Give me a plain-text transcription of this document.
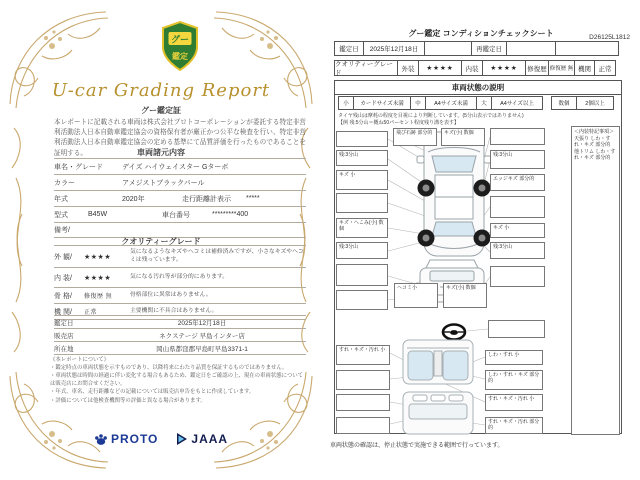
グー
鑑定
U-car Grading Report
グー鑑定証
本レポートに記載される車両は株式会社プロトコーポレーションが委託する特定非営利活動法人日本自動車鑑定協会の資格保有者が厳正かつ公平な検査を行い、特定非営利活動法人日本自動車鑑定協会の定める基準にて品質評価を行ったものであることを証明する。	車両諸元内容
車名・グレード	デイズ ハイウェイスター Gターボ
カラー	アメジストブラックパール
年式	2020年	走行距離計表示	*****
型式	B45W	車台番号	*********400
備考/
クオリティーグレード
外 観/	★★★★
気になるようなキズやヘコミは補修済みですが、小さなキズやヘコミは残っています。
内 装/	★★★★	気になる汚れ等が部分的にあります。
骨 格/	修復歴 無	骨格部位に異常はありません。
機 関/	正常	主要機関に不具合はありません。
鑑定日	2025年12月18日
販売店	ネクステージ 早島インター店
所在地	岡山県都窪郡早島町早島3371-1
《本レポートについて》
・鑑定時点の車両状態を示すものであり、以降将来にわたり品質を保証するものではありません。
・車両状態は時間の経過に伴い変化する場合もあるため、鑑定日をご確認の上、現在の車両状態については販売店にお問合せください。
・年式、車名、走行距離などの記載については販売店申告をもとに作成しています。
・評価については他検査機関等の評価と異なる場合があります。
PROTO	JAAA
グー鑑定 コンディションチェックシート	D26125L1812
鑑定日	2025年12月18日	再鑑定日
クオリティーグレード
外装	★★★★	内装	★★★★	修復歴 修復歴 無 機関	正常
車両状態の説明
小	カードサイズ未満	中	A4サイズ未満	大	A4サイズ以上	数個	2個以上
タイヤ残山は摩耗の程度を目視により判断しています。(5分山表示ではありません)
【例 残:5分山＝概ね50パーセント程度残り溝を表す】
飛び石跡 部分的	キズ(小) 数個
残:3分山
キズ 小
キズ・へこみ(小) 数個
残:3分山
残:3分山
エッジキズ 部分的
キズ 小
残:3分山
ヘコミ小	キズ(小) 数個
＜内装特記事項＞
天張り しわ・すれ・キズ 部分的
他トリム しわ・すれ・キズ 部分的
すれ・キズ・汚れ 小
しわ・すれ 小
しわ・すれ・キズ 部分的
すれ・キズ・汚れ 小
すれ・キズ・汚れ 部分的
車両状態の確認は、停止状態で実施できる範囲で行っています。
